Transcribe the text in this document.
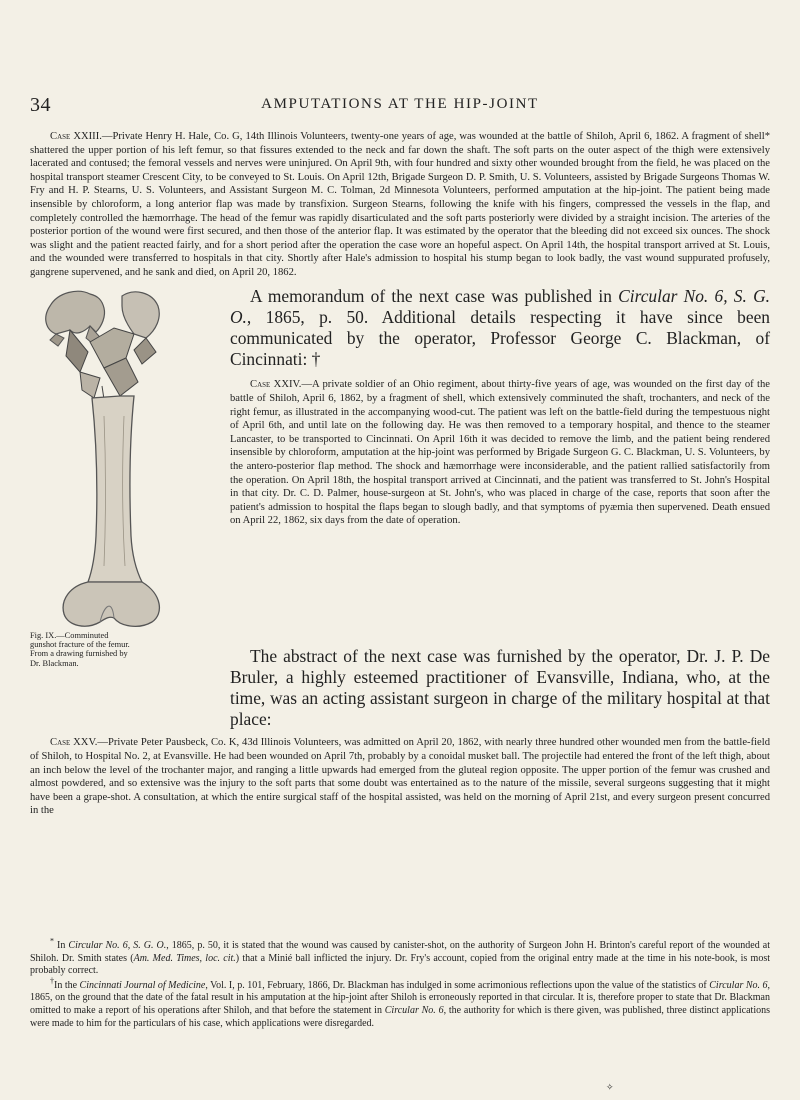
34	AMPUTATIONS AT THE HIP-JOINT

Case XXIII.—Private Henry H. Hale, Co. G, 14th Illinois Volunteers, twenty-one years of age, was wounded at the battle of Shiloh, April 6, 1862. A fragment of shell* shattered the upper portion of his left femur, so that fissures extended to the neck and far down the shaft. The soft parts on the outer aspect of the thigh were extensively lacerated and contused; the femoral vessels and nerves were uninjured. On April 9th, with four hundred and sixty other wounded brought from the field, he was placed on the hospital transport steamer Crescent City, to be conveyed to St. Louis. On April 12th, Brigade Surgeon D. P. Smith, U. S. Volunteers, assisted by Brigade Surgeons Thomas W. Fry and H. P. Stearns, U. S. Volunteers, and Assistant Surgeon M. C. Tolman, 2d Minnesota Volunteers, performed amputation at the hip-joint. The patient being made insensible by chloroform, a long anterior flap was made by transfixion. Surgeon Stearns, following the knife with his fingers, compressed the vessels in the flap, and completely controlled the hæmorrhage. The head of the femur was rapidly disarticulated and the soft parts posteriorly were divided by a straight incision. The arteries of the posterior portion of the wound were first secured, and then those of the anterior flap. It was estimated by the operator that the bleeding did not exceed six ounces. The shock was slight and the patient reacted fairly, and for a short period after the operation the case wore an hopeful aspect. On April 14th, the hospital transport arrived at St. Louis, and the wounded were transferred to hospitals in that city. Shortly after Hale's admission to hospital his stump began to look badly, the vast wound suppurated profusely, gangrene supervened, and he sank and died, on April 20, 1862.

Fig. IX.—Comminuted gunshot fracture of the femur. From a drawing furnished by Dr. Blackman.

A memorandum of the next case was published in Circular No. 6, S. G. O., 1865, p. 50. Additional details respecting it have since been communicated by the operator, Professor George C. Blackman, of Cincinnati: †

Case XXIV.—A private soldier of an Ohio regiment, about thirty-five years of age, was wounded on the first day of the battle of Shiloh, April 6, 1862, by a fragment of shell, which extensively comminuted the shaft, trochanters, and neck of the right femur, as illustrated in the accompanying wood-cut. The patient was left on the battle-field during the tempestuous night of April 6th, and until late on the following day. He was then removed to a temporary hospital, and thence to the steamer Lancaster, to be transported to Cincinnati. On April 16th it was decided to remove the limb, and the patient being rendered insensible by chloroform, amputation at the hip-joint was performed by Brigade Surgeon G. C. Blackman, U. S. Volunteers, by the antero-posterior flap method. The shock and hæmorrhage were inconsiderable, and the patient rallied satisfactorily from the operation. On April 18th, the hospital transport arrived at Cincinnati, and the patient was transferred to St. John's Hospital in that city. Dr. C. D. Palmer, house-surgeon at St. John's, who was placed in charge of the case, reports that soon after the patient's admission to hospital the flaps began to slough badly, and that symptoms of pyæmia then supervened. Death ensued on April 22, 1862, six days from the date of operation.

The abstract of the next case was furnished by the operator, Dr. J. P. De Bruler, a highly esteemed practitioner of Evansville, Indiana, who, at the time, was an acting assistant surgeon in charge of the military hospital at that place:

Case XXV.—Private Peter Pausbeck, Co. K, 43d Illinois Volunteers, was admitted on April 20, 1862, with nearly three hundred other wounded men from the battle-field of Shiloh, to Hospital No. 2, at Evansville. He had been wounded on April 7th, probably by a conoidal musket ball. The projectile had entered the front of the left thigh, about an inch below the level of the trochanter major, and ranging a little upwards had emerged from the gluteal region opposite. The upper portion of the femur was crushed and almost powdered, and so extensive was the injury to the soft parts that some doubt was entertained as to the nature of the missile, several surgeons suggesting that it might have been a grape-shot. A consultation, at which the entire surgical staff of the hospital assisted, was held on the morning of April 21st, and every surgeon present concurred in the

* In Circular No. 6, S. G. O., 1865, p. 50, it is stated that the wound was caused by canister-shot, on the authority of Surgeon John H. Brinton's careful report of the wounded at Shiloh. Dr. Smith states (Am. Med. Times, loc. cit.) that a Minié ball inflicted the injury. Dr. Fry's account, copied from the original entry made at the time in his note-book, is most probably correct.

†In the Cincinnati Journal of Medicine, Vol. I, p. 101, February, 1866, Dr. Blackman has indulged in some acrimonious reflections upon the value of the statistics of Circular No. 6, 1865, on the ground that the date of the fatal result in his amputation at the hip-joint after Shiloh is erroneously reported in that circular. It is, therefore proper to state that Dr. Blackman omitted to make a report of his operations after Shiloh, and that before the statement in Circular No. 6, the authority for which is there given, was published, three distinct applications were made to him for the particulars of his case, which applications were disregarded.

✧
